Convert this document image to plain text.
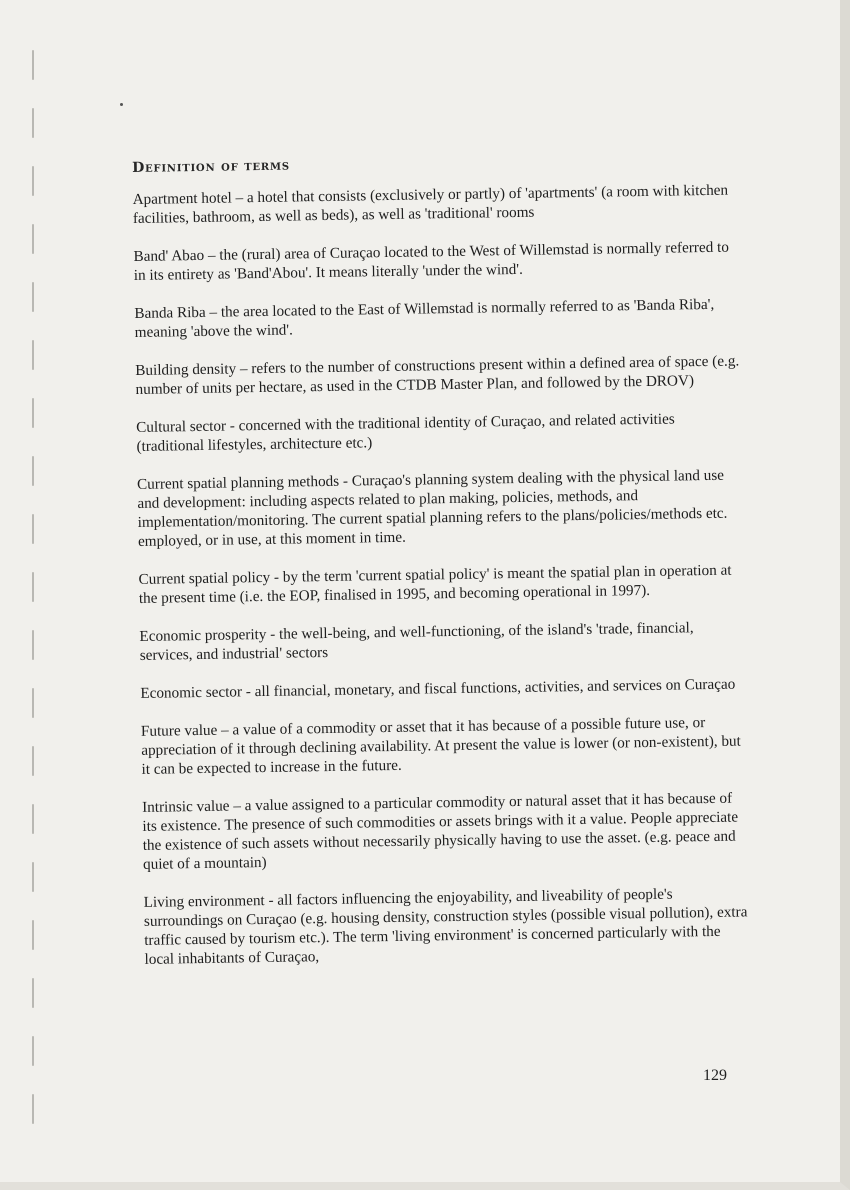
Definition of terms

Apartment hotel – a hotel that consists (exclusively or partly) of 'apartments' (a room with kitchen facilities, bathroom, as well as beds), as well as 'traditional' rooms

Band' Abao – the (rural) area of Curaçao located to the West of Willemstad is normally referred to in its entirety as 'Band'Abou'. It means literally 'under the wind'.

Banda Riba – the area located to the East of Willemstad is normally referred to as 'Banda Riba', meaning 'above the wind'.

Building density – refers to the number of constructions present within a defined area of space (e.g. number of units per hectare, as used in the CTDB Master Plan, and followed by the DROV)

Cultural sector - concerned with the traditional identity of Curaçao, and related activities (traditional lifestyles, architecture etc.)

Current spatial planning methods - Curaçao's planning system dealing with the physical land use and development: including aspects related to plan making, policies, methods, and implementation/monitoring. The current spatial planning refers to the plans/policies/methods etc. employed, or in use, at this moment in time.

Current spatial policy - by the term 'current spatial policy' is meant the spatial plan in operation at the present time (i.e. the EOP, finalised in 1995, and becoming operational in 1997).

Economic prosperity - the well-being, and well-functioning, of the island's 'trade, financial, services, and industrial' sectors

Economic sector - all financial, monetary, and fiscal functions, activities, and services on Curaçao

Future value – a value of a commodity or asset that it has because of a possible future use, or appreciation of it through declining availability. At present the value is lower (or non-existent), but it can be expected to increase in the future.

Intrinsic value – a value assigned to a particular commodity or natural asset that it has because of its existence. The presence of such commodities or assets brings with it a value. People appreciate the existence of such assets without necessarily physically having to use the asset. (e.g. peace and quiet of a mountain)

Living environment - all factors influencing the enjoyability, and liveability of people's surroundings on Curaçao (e.g. housing density, construction styles (possible visual pollution), extra traffic caused by tourism etc.). The term 'living environment' is concerned particularly with the local inhabitants of Curaçao,

129
